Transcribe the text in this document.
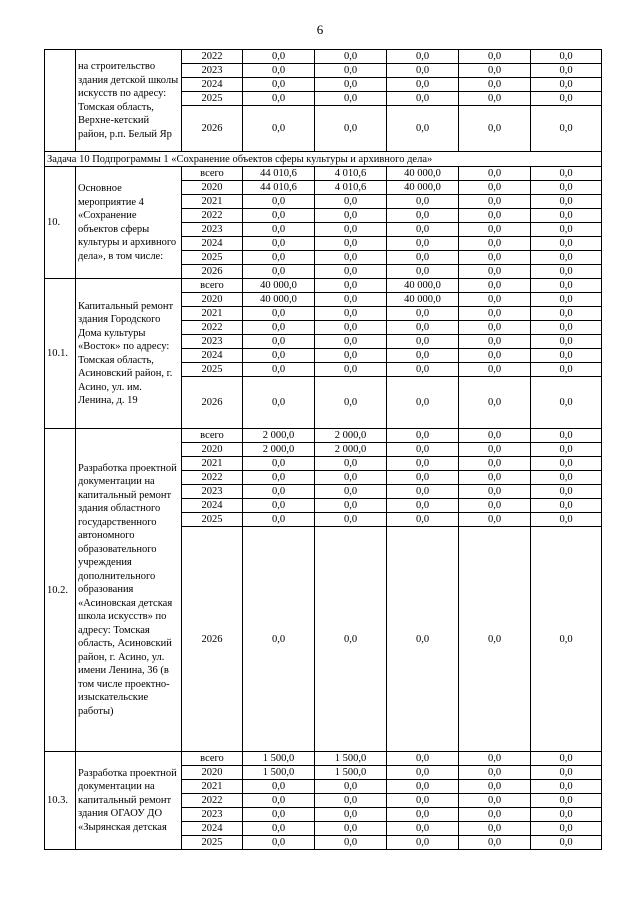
6
	на строительство здания детской школы искусств по адресу: Томская область, Верхне-кетский район, р.п. Белый Яр	2022	0,0	0,0	0,0	0,0	0,0
		2023	0,0	0,0	0,0	0,0	0,0
		2024	0,0	0,0	0,0	0,0	0,0
		2025	0,0	0,0	0,0	0,0	0,0
		2026	0,0	0,0	0,0	0,0	0,0
Задача 10 Подпрограммы 1 «Сохранение объектов сферы культуры и архивного дела»							
10.	Основное мероприятие 4 «Сохранение объектов сферы культуры и архивного дела», в том числе:	всего	44 010,6	4 010,6	40 000,0	0,0	0,0
		2020	44 010,6	4 010,6	40 000,0	0,0	0,0
		2021	0,0	0,0	0,0	0,0	0,0
		2022	0,0	0,0	0,0	0,0	0,0
		2023	0,0	0,0	0,0	0,0	0,0
		2024	0,0	0,0	0,0	0,0	0,0
		2025	0,0	0,0	0,0	0,0	0,0
		2026	0,0	0,0	0,0	0,0	0,0
10.1.	Капитальный ремонт здания Городского Дома культуры «Восток» по адресу: Томская область, Асиновский район, г. Асино, ул. им. Ленина, д. 19	всего	40 000,0	0,0	40 000,0	0,0	0,0
		2020	40 000,0	0,0	40 000,0	0,0	0,0
		2021	0,0	0,0	0,0	0,0	0,0
		2022	0,0	0,0	0,0	0,0	0,0
		2023	0,0	0,0	0,0	0,0	0,0
		2024	0,0	0,0	0,0	0,0	0,0
		2025	0,0	0,0	0,0	0,0	0,0
		2026	0,0	0,0	0,0	0,0	0,0
10.2.	Разработка проектной документации на капитальный ремонт здания областного государственного автономного образовательного учреждения дополнительного образования «Асиновская детская школа искусств» по адресу: Томская область, Асиновский район, г. Асино, ул. имени Ленина, 36 (в том числе проектно-изыскательские работы)	всего	2 000,0	2 000,0	0,0	0,0	0,0
		2020	2 000,0	2 000,0	0,0	0,0	0,0
		2021	0,0	0,0	0,0	0,0	0,0
		2022	0,0	0,0	0,0	0,0	0,0
		2023	0,0	0,0	0,0	0,0	0,0
		2024	0,0	0,0	0,0	0,0	0,0
		2025	0,0	0,0	0,0	0,0	0,0
		2026	0,0	0,0	0,0	0,0	0,0
10.3.	Разработка проектной документации на капитальный ремонт здания ОГАОУ ДО «Зырянская детская	всего	1 500,0	1 500,0	0,0	0,0	0,0
		2020	1 500,0	1 500,0	0,0	0,0	0,0
		2021	0,0	0,0	0,0	0,0	0,0
		2022	0,0	0,0	0,0	0,0	0,0
		2023	0,0	0,0	0,0	0,0	0,0
		2024	0,0	0,0	0,0	0,0	0,0
		2025	0,0	0,0	0,0	0,0	0,0
